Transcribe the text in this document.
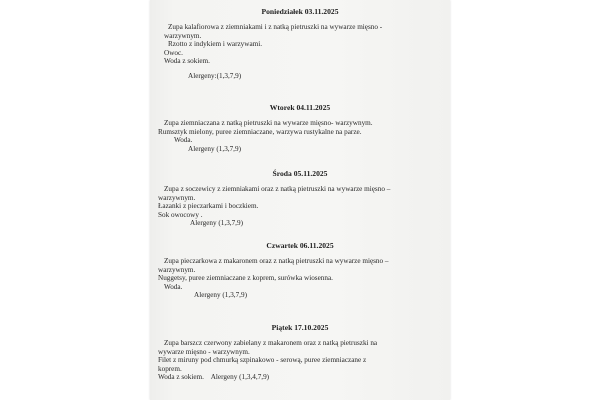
Poniedziałek 03.11.2025
Zupa kalafiorowa z ziemniakami i z natką pietruszki na wywarze mięsno -
warzywnym.
Rzotto z indykiem i warzywami.
Owoc.
Woda z sokiem.
Alergeny:(1,3,7,9)
Wtorek 04.11.2025
Zupa ziemniaczana z natką pietruszki na wywarze mięsno- warzywnym.
Rumsztyk mielony, puree ziemniaczane, warzywa rustykalne na parze.
Woda.
Alergeny (1,3,7,9)
Środa 05.11.2025
Zupa z soczewicy z ziemniakami oraz z natką pietruszki na wywarze mięsno –
warzywnym.
Łazanki z pieczarkami i boczkiem.
Sok owocowy .
Alergeny (1,3,7,9)
Czwartek 06.11.2025
Zupa pieczarkowa z makaronem oraz z natką pietruszki na wywarze mięsno –
warzywnym.
Nuggetsy, puree ziemniaczane z koprem, surówka wiosenna.
Woda.
Alergeny (1,3,7,9)
Piątek 17.10.2025
Zupa barszcz czerwony zabielany z makaronem oraz z natką pietruszki na
wywarze mięsno - warzywnym.
Filet z miruny pod chmurką szpinakowo - serową, puree ziemniaczane z
koprem.
Woda z sokiem.    Alergeny (1,3,4,7,9)
